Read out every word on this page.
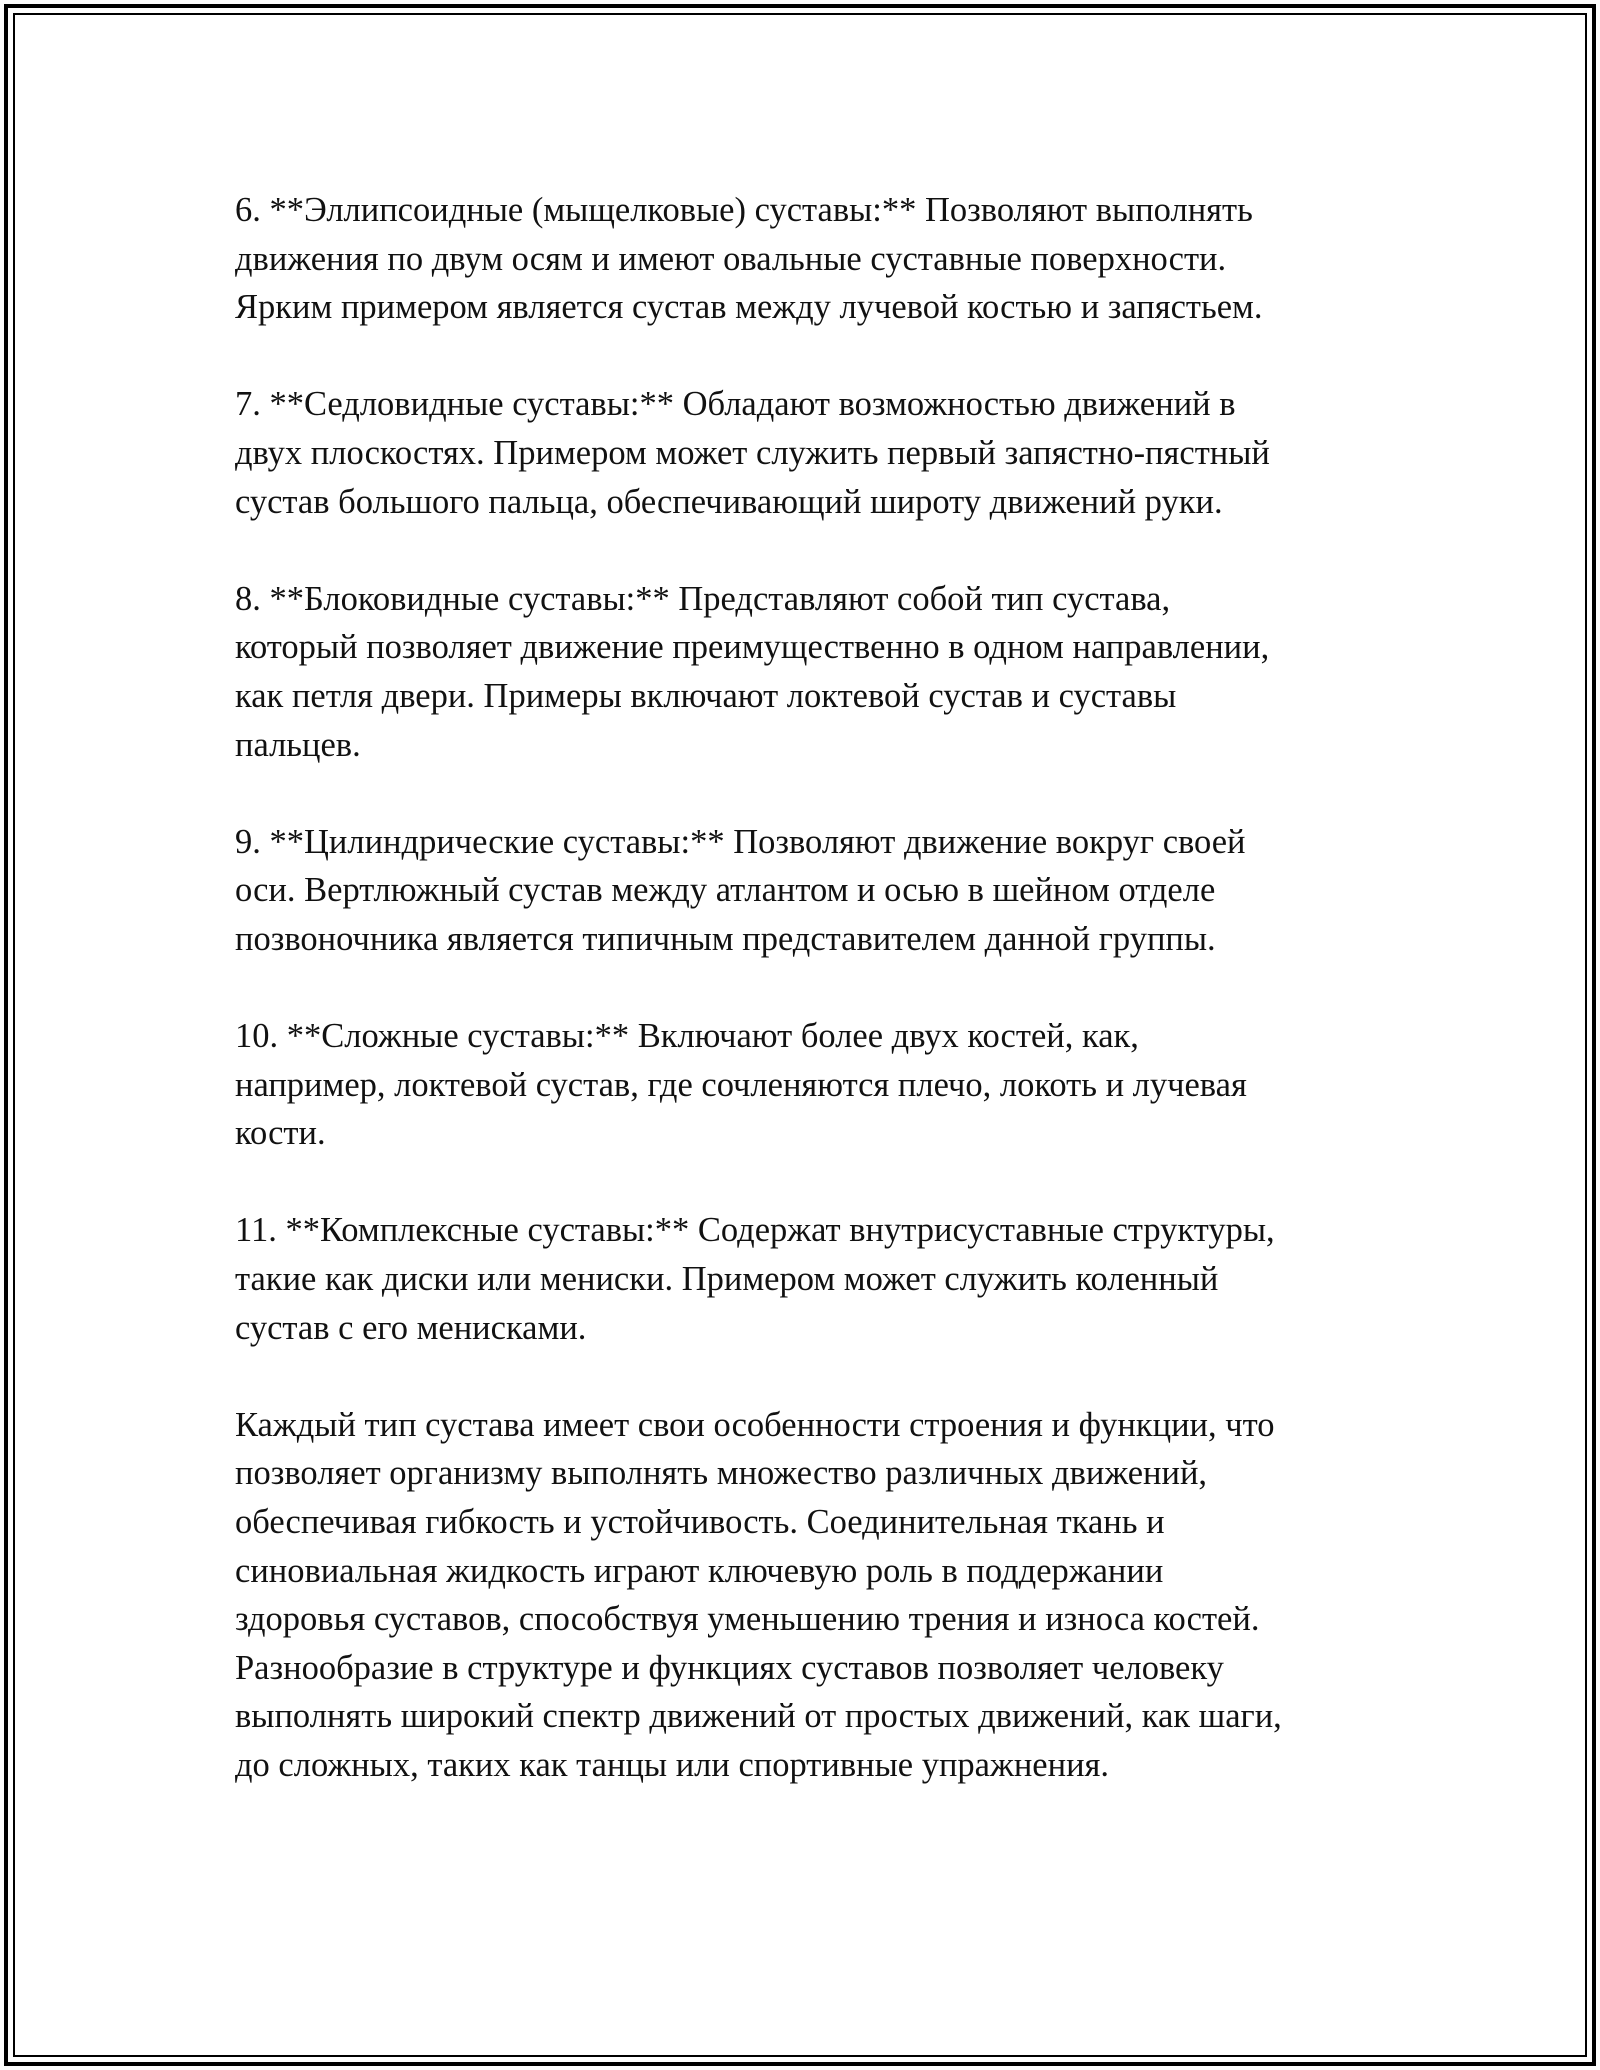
6. **Эллипсоидные (мыщелковые) суставы:** Позволяют выполнять
движения по двум осям и имеют овальные суставные поверхности.
Ярким примером является сустав между лучевой костью и запястьем.

7. **Седловидные суставы:** Обладают возможностью движений в
двух плоскостях. Примером может служить первый запястно-пястный
сустав большого пальца, обеспечивающий широту движений руки.

8. **Блоковидные суставы:** Представляют собой тип сустава,
который позволяет движение преимущественно в одном направлении,
как петля двери. Примеры включают локтевой сустав и суставы
пальцев.

9. **Цилиндрические суставы:** Позволяют движение вокруг своей
оси. Вертлюжный сустав между атлантом и осью в шейном отделе
позвоночника является типичным представителем данной группы.

10. **Сложные суставы:** Включают более двух костей, как,
например, локтевой сустав, где сочленяются плечо, локоть и лучевая
кости.

11. **Комплексные суставы:** Содержат внутрисуставные структуры,
такие как диски или мениски. Примером может служить коленный
сустав с его менисками.

Каждый тип сустава имеет свои особенности строения и функции, что
позволяет организму выполнять множество различных движений,
обеспечивая гибкость и устойчивость. Соединительная ткань и
синовиальная жидкость играют ключевую роль в поддержании
здоровья суставов, способствуя уменьшению трения и износа костей.
Разнообразие в структуре и функциях суставов позволяет человеку
выполнять широкий спектр движений от простых движений, как шаги,
до сложных, таких как танцы или спортивные упражнения.
